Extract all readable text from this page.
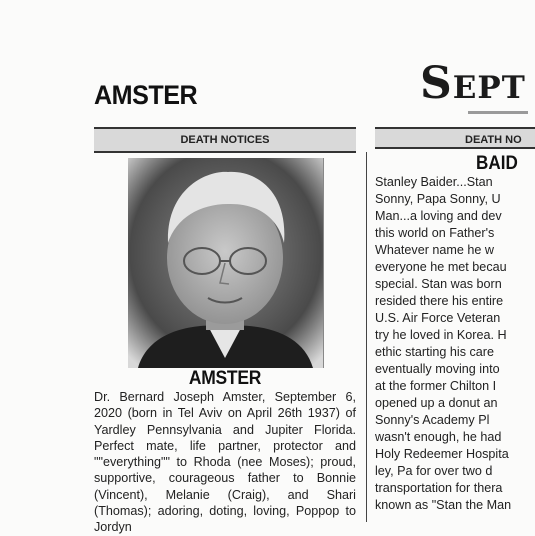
AMSTER	Sept
DEATH NOTICES	DEATH NO
AMSTER

Dr. Bernard Joseph Amster, September 6, 2020 (born in Tel Aviv on April 26th 1937) of Yardley Pennsylvania and Jupiter Florida. Perfect mate, life partner, protector and ""everything"" to Rhoda (nee Moses); proud, supportive, courageous father to Bonnie (Vincent), Melanie (Craig), and Shari (Thomas); adoring, doting, loving, Poppop to Jordyn

BAID
Stanley Baider...Stan
Sonny, Papa Sonny, U
Man...a loving and dev
this world on Father's
Whatever name he w
everyone he met becau
special. Stan was born
resided there his entire
U.S. Air Force Veteran
try he loved in Korea. H
ethic starting his care
eventually moving into
at the former Chilton I
opened up a donut an
Sonny's Academy Pl
wasn't enough, he had
Holy Redeemer Hospita
ley, Pa for over two d
transportation for thera
known as "Stan the Man
